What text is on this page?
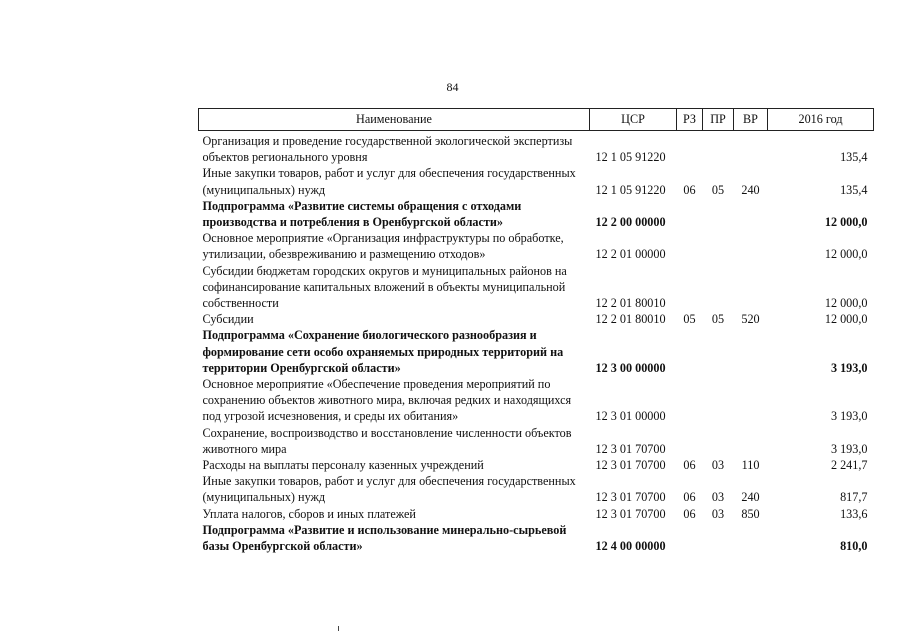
84
Наименование	ЦСР	РЗ	ПР	ВР	2016 год
Организация и проведение государственной экологической экспертизы объектов регионального уровня	12 1 05 91220				135,4
Иные закупки товаров, работ и услуг для обеспечения государственных (муниципальных) нужд	12 1 05 91220	06	05	240	135,4
Подпрограмма «Развитие системы обращения с отходами производства и потребления в Оренбургской области»	12 2 00 00000				12 000,0
Основное мероприятие «Организация инфраструктуры по обработке, утилизации, обезвреживанию и размещению отходов»	12 2 01 00000				12 000,0
Субсидии бюджетам городских округов и муниципальных районов на софинансирование капитальных вложений в объекты муниципальной собственности	12 2 01 80010				12 000,0
Субсидии	12 2 01 80010	05	05	520	12 000,0
Подпрограмма «Сохранение биологического разнообразия и формирование сети особо охраняемых природных территорий на территории Оренбургской области»	12 3 00 00000				3 193,0
Основное мероприятие «Обеспечение проведения мероприятий по сохранению объектов животного мира, включая редких и находящихся под угрозой исчезновения, и среды их обитания»	12 3 01 00000				3 193,0
Сохранение, воспроизводство и восстановление численности объектов животного мира	12 3 01 70700				3 193,0
Расходы на выплаты персоналу казенных учреждений	12 3 01 70700	06	03	110	2 241,7
Иные закупки товаров, работ и услуг для обеспечения государственных (муниципальных) нужд	12 3 01 70700	06	03	240	817,7
Уплата налогов, сборов и иных платежей	12 3 01 70700	06	03	850	133,6
Подпрограмма «Развитие и использование минерально-сырьевой базы Оренбургской области»	12 4 00 00000				810,0
